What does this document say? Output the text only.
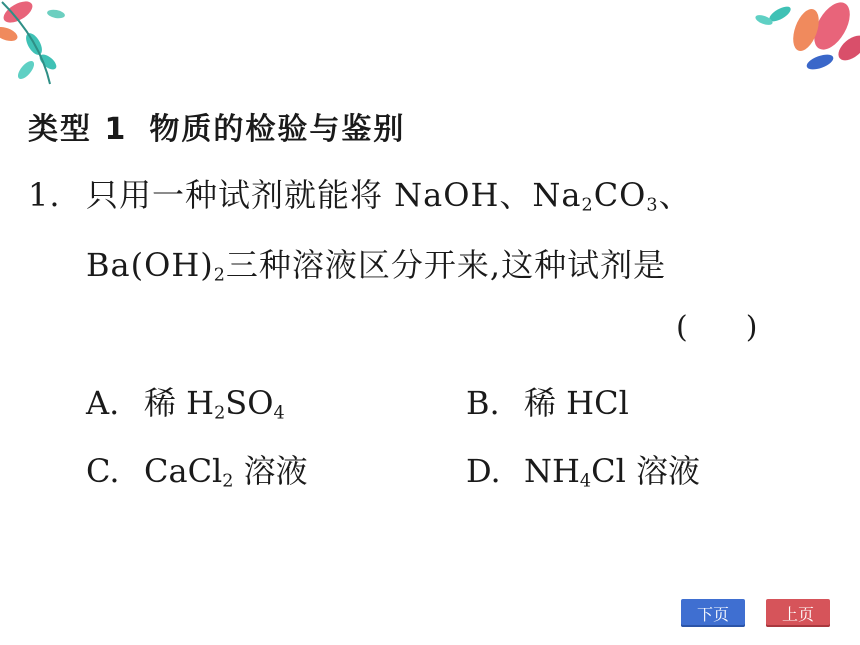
类型 1 物质的检验与鉴别
1. 只用一种试剂就能将 NaOH、$Na_2CO_3$、
$Ba(OH)_2$三种溶液区分开来,这种试剂是
( )
A. 稀 $H_2SO_4$	B. 稀 HCl
C. CaCl$_2$ 溶液	D. $NH_4Cl$ 溶液
下页	上页
